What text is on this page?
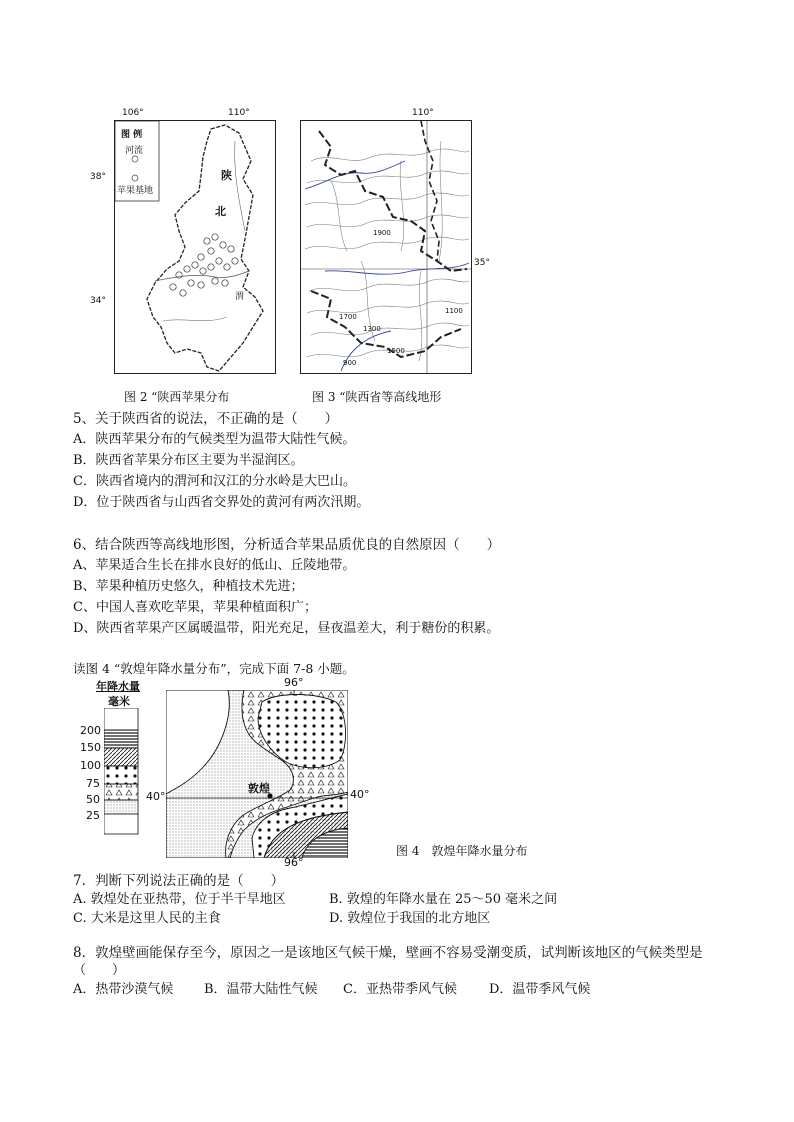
106°	110°
图 例
河流
苹果基地
陕
北
渭
38°
34°
图 2 “陕西苹果分布
110°
1700
1900
1100
1500
900
1300
35°
图 3 “陕西省等高线地形
5、关于陕西省的说法，不正确的是（　　）
A．陕西苹果分布的气候类型为温带大陆性气候。
B．陕西省苹果分布区主要为半湿润区。
C．陕西省境内的渭河和汉江的分水岭是大巴山。
D．位于陕西省与山西省交界处的黄河有两次汛期。
6、结合陕西等高线地形图，分析适合苹果品质优良的自然原因（　　）
A、苹果适合生长在排水良好的低山、丘陵地带。
B、苹果种植历史悠久，种植技术先进；
C、中国人喜欢吃苹果，苹果种植面积广；
D、陕西省苹果产区属暖温带，阳光充足，昼夜温差大，利于糖份的积累。
读图 4 “敦煌年降水量分布”，完成下面 7-8 小题。
年降水量
毫米
200
150
100
75
50
25
96°
敦煌
40°	40°
96°
图 4　敦煌年降水量分布
7．判断下列说法正确的是（　　）
A. 敦煌处在亚热带，位于半干旱地区	B. 敦煌的年降水量在 25～50 毫米之间
C. 大米是这里人民的主食	D. 敦煌位于我国的北方地区
8．敦煌壁画能保存至今，原因之一是该地区气候干燥，壁画不容易受潮变质，试判断该地区的气候类型是
（　　）
A．热带沙漠气候 B．温带大陆性气候 C．亚热带季风气候 D．温带季风气候
